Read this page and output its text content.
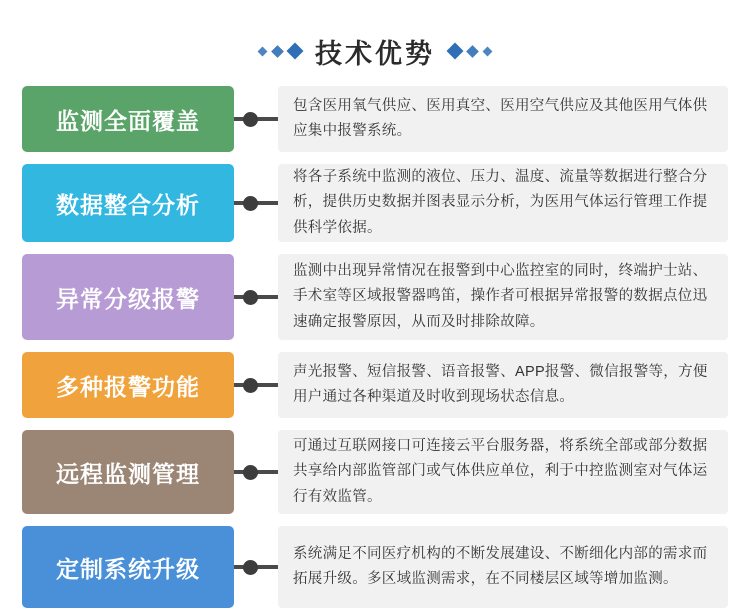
技术优势
监测全面覆盖

包含医用氧气供应、医用真空、医用空气供应及其他医用气体供应集中报警系统。

数据整合分析

将各子系统中监测的液位、压力、温度、流量等数据进行整合分析，提供历史数据并图表显示分析，为医用气体运行管理工作提供科学依据。

异常分级报警

监测中出现异常情况在报警到中心监控室的同时，终端护士站、手术室等区域报警器鸣笛，操作者可根据异常报警的数据点位迅速确定报警原因，从而及时排除故障。

多种报警功能

声光报警、短信报警、语音报警、APP报警、微信报警等，方便用户通过各种渠道及时收到现场状态信息。

远程监测管理

可通过互联网接口可连接云平台服务器，将系统全部或部分数据共享给内部监管部门或气体供应单位，利于中控监测室对气体运行有效监管。

定制系统升级

系统满足不同医疗机构的不断发展建设、不断细化内部的需求而拓展升级。多区域监测需求，在不同楼层区域等增加监测。
